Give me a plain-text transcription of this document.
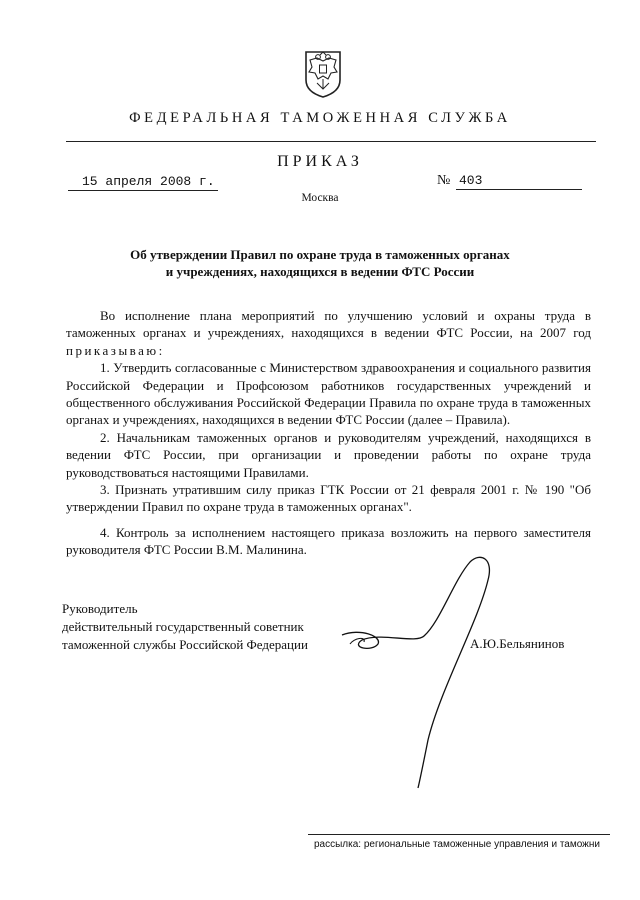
ФЕДЕРАЛЬНАЯ ТАМОЖЕННАЯ СЛУЖБА
ПРИКАЗ
15 апреля 2008 г.	№ 403
Москва
Об утверждении Правил по охране труда в таможенных органах
и учреждениях, находящихся в ведении ФТС России

Во исполнение плана мероприятий по улучшению условий и охраны труда в таможенных органах и учреждениях, находящихся в ведении ФТС России, на 2007 год приказываю:

1. Утвердить согласованные с Министерством здравоохранения и социального развития Российской Федерации и Профсоюзом работников государственных учреждений и общественного обслуживания Российской Федерации Правила по охране труда в таможенных органах и учреждениях, находящихся в ведении ФТС России (далее – Правила).

2. Начальникам таможенных органов и руководителям учреждений, находящихся в ведении ФТС России, при организации и проведении работы по охране труда руководствоваться настоящими Правилами.

3. Признать утратившим силу приказ ГТК России от 21 февраля 2001 г. № 190 "Об утверждении Правил по охране труда в таможенных органах".

4. Контроль за исполнением настоящего приказа возложить на первого заместителя руководителя ФТС России В.М. Малинина.

Руководитель
действительный государственный советник
таможенной службы Российской Федерации	А.Ю.Бельянинов
рассылка: региональные таможенные управления и таможни
